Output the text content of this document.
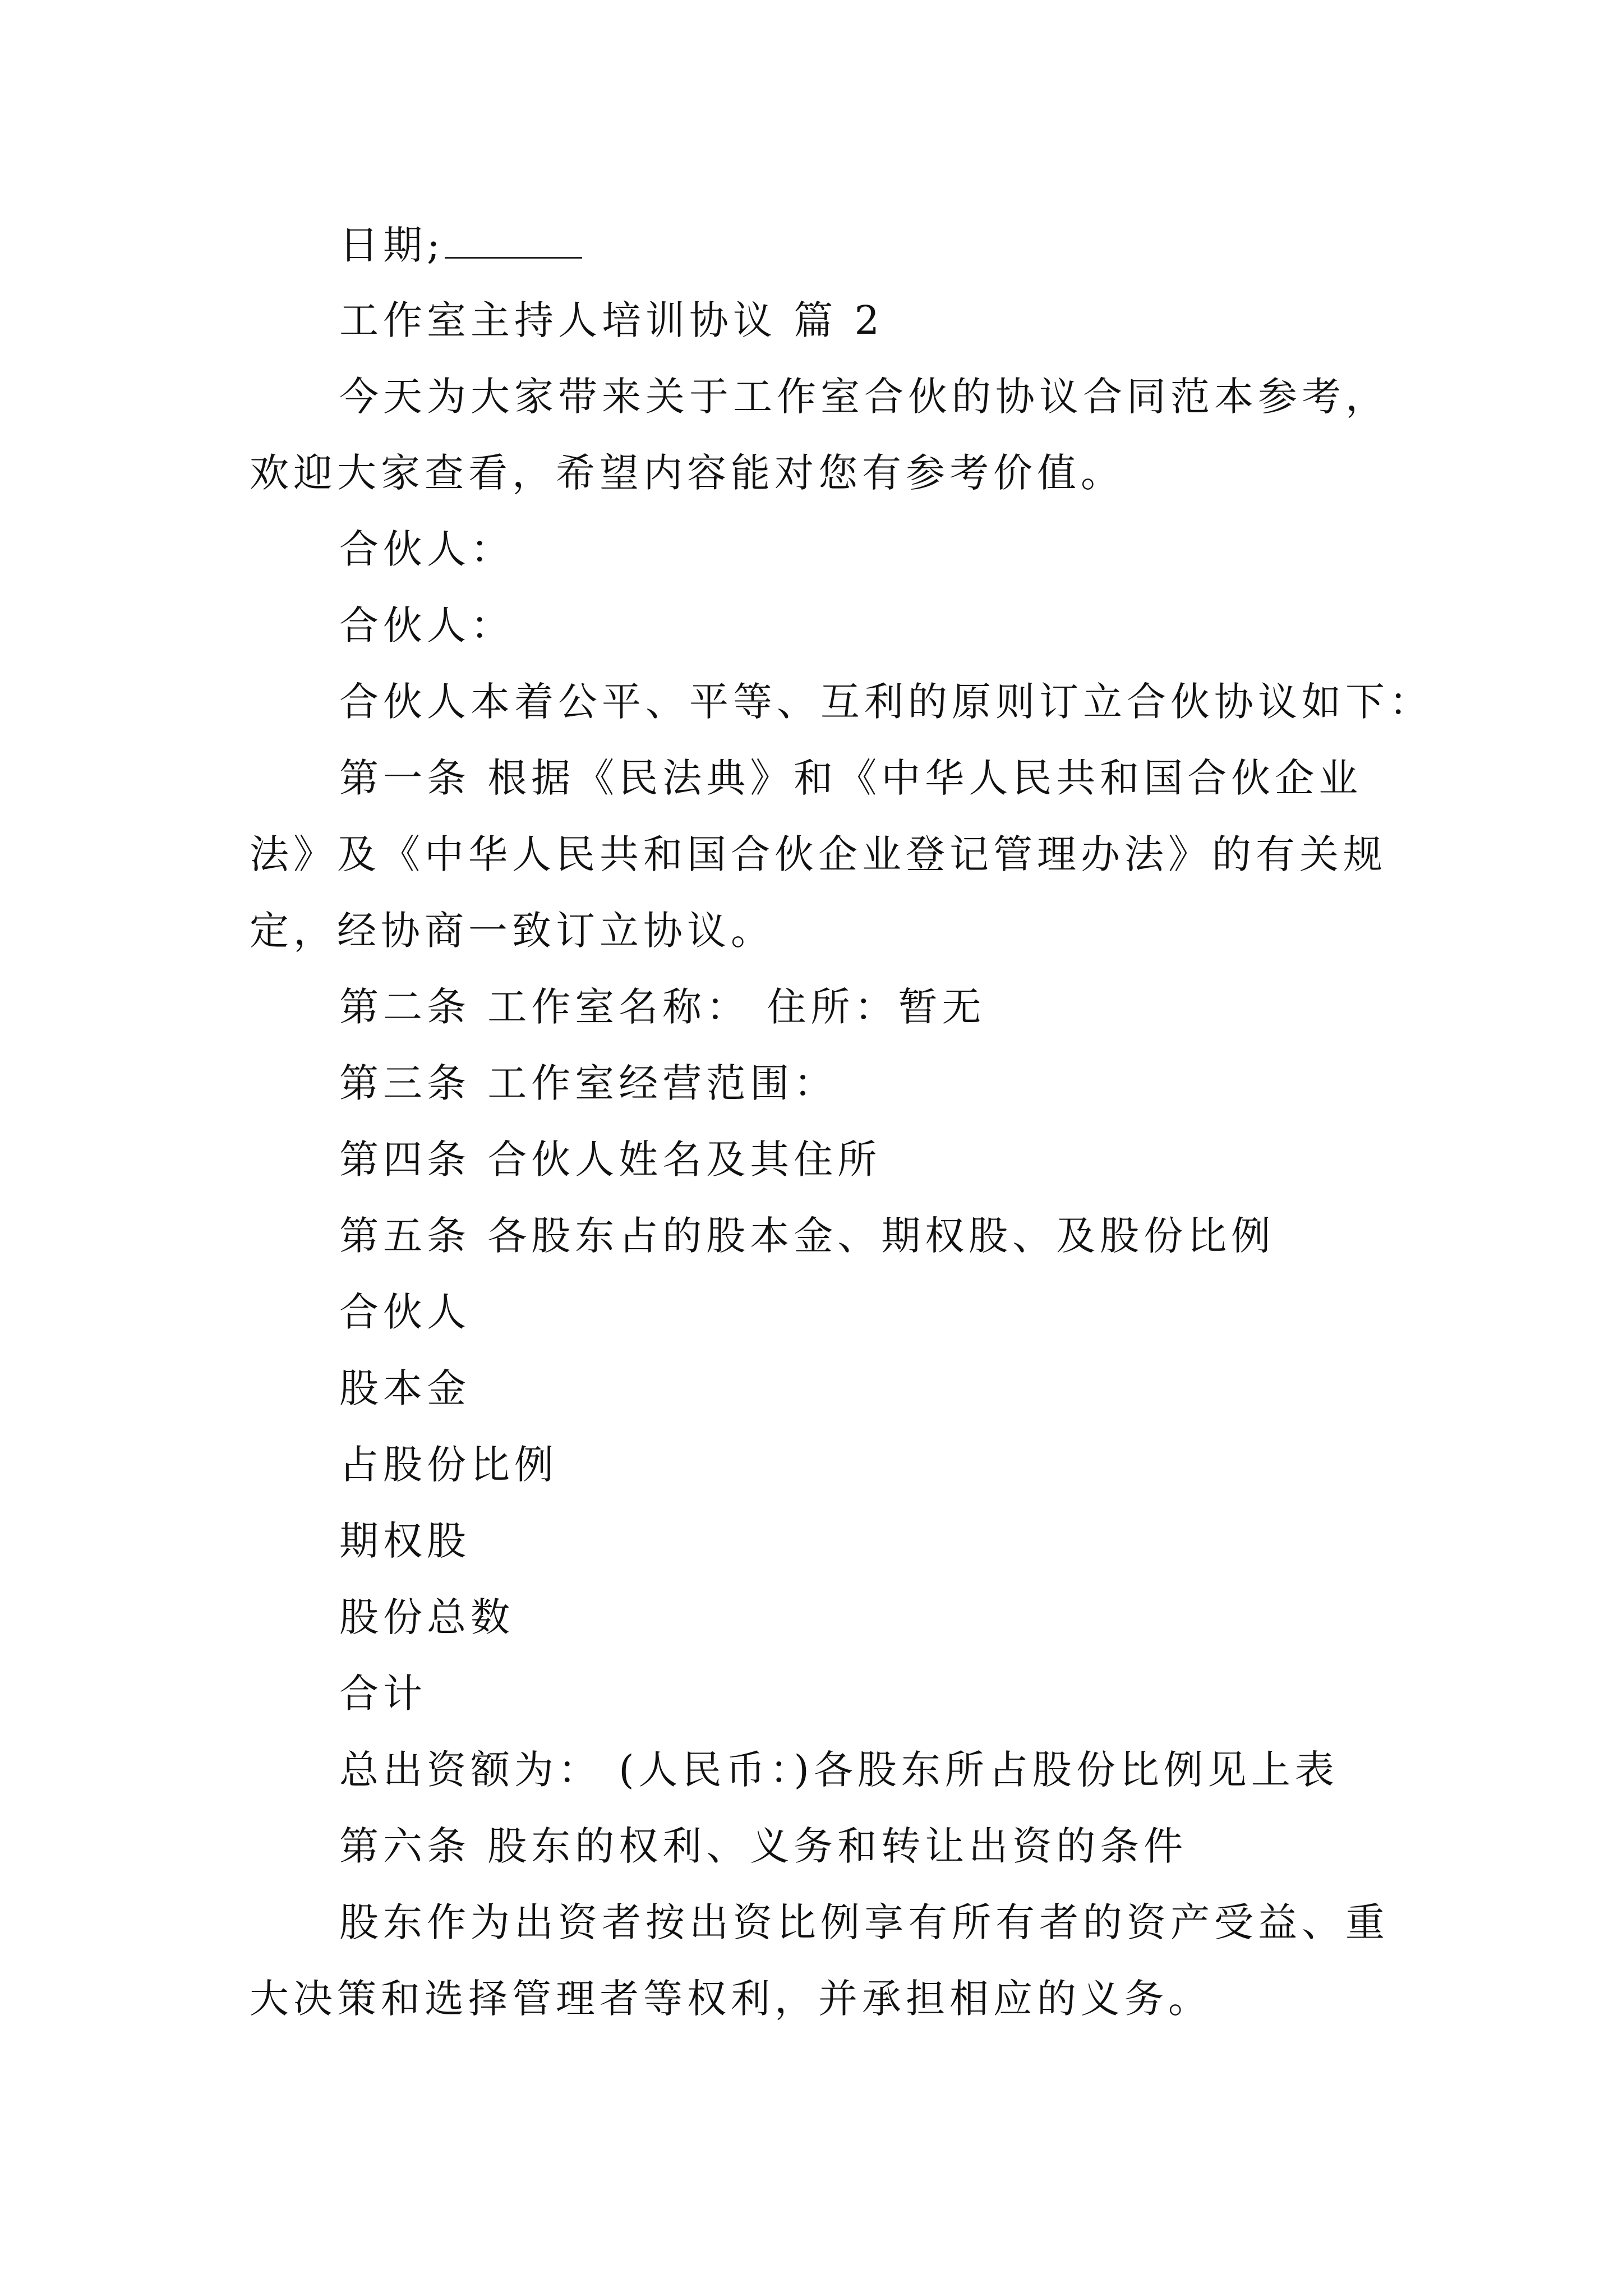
日期;
工作室主持人培训协议 篇 2
今天为大家带来关于工作室合伙的协议合同范本参考，
欢迎大家查看，希望内容能对您有参考价值。
合伙人：
合伙人：
合伙人本着公平、平等、互利的原则订立合伙协议如下：
第一条 根据《民法典》和《中华人民共和国合伙企业
法》及《中华人民共和国合伙企业登记管理办法》的有关规
定，经协商一致订立协议。
第二条 工作室名称： 住所：暂无
第三条 工作室经营范围：
第四条 合伙人姓名及其住所
第五条 各股东占的股本金、期权股、及股份比例
合伙人
股本金
占股份比例
期权股
股份总数
合计
总出资额为： (人民币：)各股东所占股份比例见上表
第六条 股东的权利、义务和转让出资的条件
股东作为出资者按出资比例享有所有者的资产受益、重
大决策和选择管理者等权利，并承担相应的义务。
